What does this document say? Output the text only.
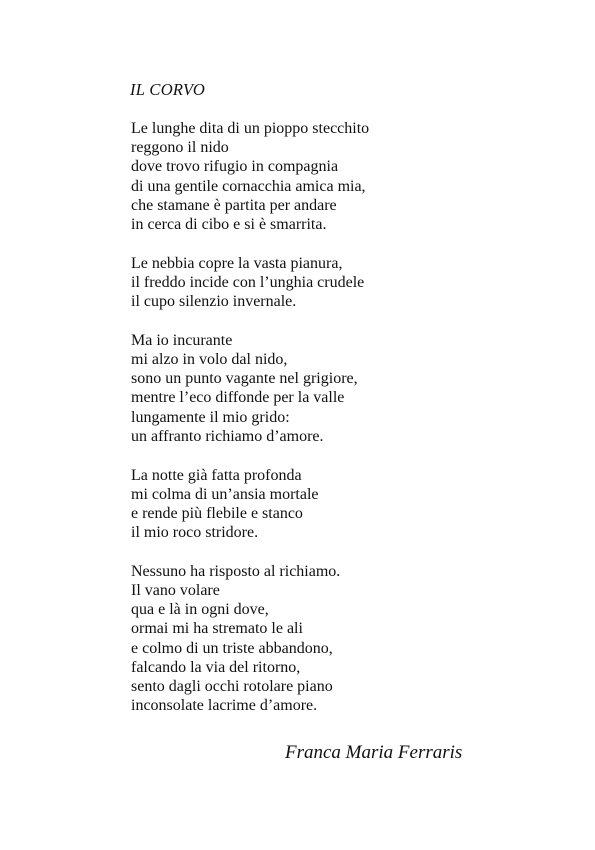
IL CORVO
Le lunghe dita di un pioppo stecchito
reggono il nido
dove trovo rifugio in compagnia
di una gentile cornacchia amica mia,
che stamane è partita per andare
in cerca di cibo e si è smarrita.
Le nebbia copre la vasta pianura,
il freddo incide con l’unghia crudele
il cupo silenzio invernale.
Ma io incurante
mi alzo in volo dal nido,
sono un punto vagante nel grigiore,
mentre l’eco diffonde per la valle
lungamente il mio grido:
un affranto richiamo d’amore.
La notte già fatta profonda
mi colma di un’ansia mortale
e rende più flebile e stanco
il mio roco stridore.
Nessuno ha risposto al richiamo.
Il vano volare
qua e là in ogni dove,
ormai mi ha stremato le ali
e colmo di un triste abbandono,
falcando la via del ritorno,
sento dagli occhi rotolare piano
inconsolate lacrime d’amore.
Franca Maria Ferraris
